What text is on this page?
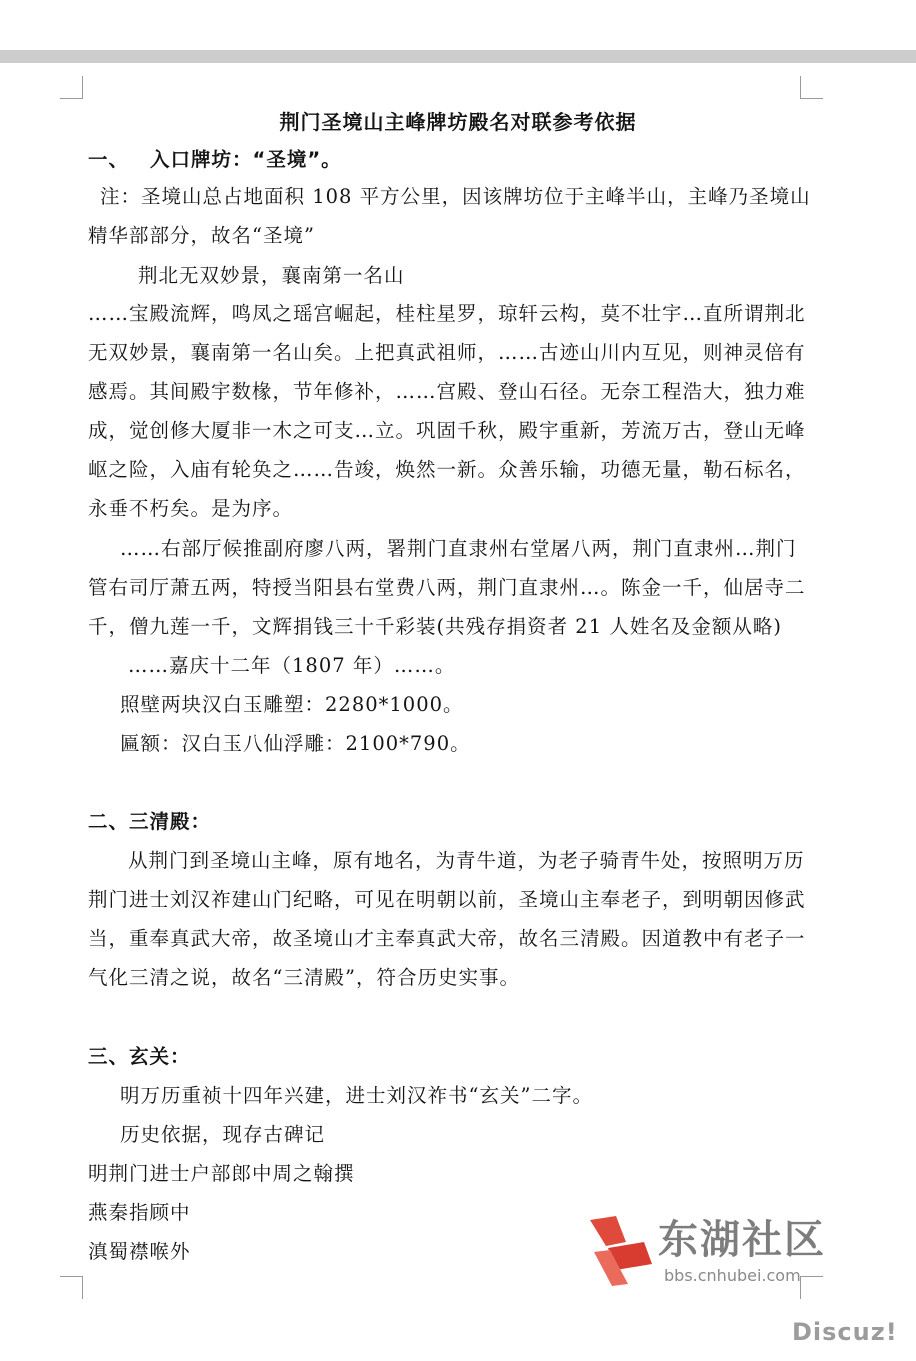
荆门圣境山主峰牌坊殿名对联参考依据
一、 入口牌坊：“圣境”。
注：圣境山总占地面积 108 平方公里，因该牌坊位于主峰半山，主峰乃圣境山
精华部部分，故名“圣境”
荆北无双妙景，襄南第一名山
……宝殿流辉，鸣凤之瑶宫崛起，桂柱星罗，琼轩云构，莫不壮宇…直所谓荆北
无双妙景，襄南第一名山矣。上把真武祖师，……古迹山川内互见，则神灵倍有
感焉。其间殿宇数椽，节年修补，……宫殿、登山石径。无奈工程浩大，独力难
成，觉创修大厦非一木之可支…立。巩固千秋，殿宇重新，芳流万古，登山无峰
岖之险，入庙有轮奂之……告竣，焕然一新。众善乐输，功德无量，勒石标名，
永垂不朽矣。是为序。
……右部厅候推副府廖八两，署荆门直隶州右堂屠八两，荆门直隶州…荆门
管右司厅萧五两，特授当阳县右堂费八两，荆门直隶州…。陈金一千，仙居寺二
千，僧九莲一千，文辉捐钱三十千彩装(共残存捐资者 21 人姓名及金额从略)
……嘉庆十二年（1807 年）……。
照壁两块汉白玉雕塑：2280*1000。
匾额：汉白玉八仙浮雕：2100*790。
二、三清殿：
从荆门到圣境山主峰，原有地名，为青牛道，为老子骑青牛处，按照明万历
荆门进士刘汉祚建山门纪略，可见在明朝以前，圣境山主奉老子，到明朝因修武
当，重奉真武大帝，故圣境山才主奉真武大帝，故名三清殿。因道教中有老子一
气化三清之说，故名“三清殿”，符合历史实事。
三、玄关：
明万历重祯十四年兴建，进士刘汉祚书“玄关”二字。
历史依据，现存古碑记
明荆门进士户部郎中周之翰撰
燕秦指顾中
滇蜀襟喉外	东湖社区
bbs.cnhubei.com
Discuz!
